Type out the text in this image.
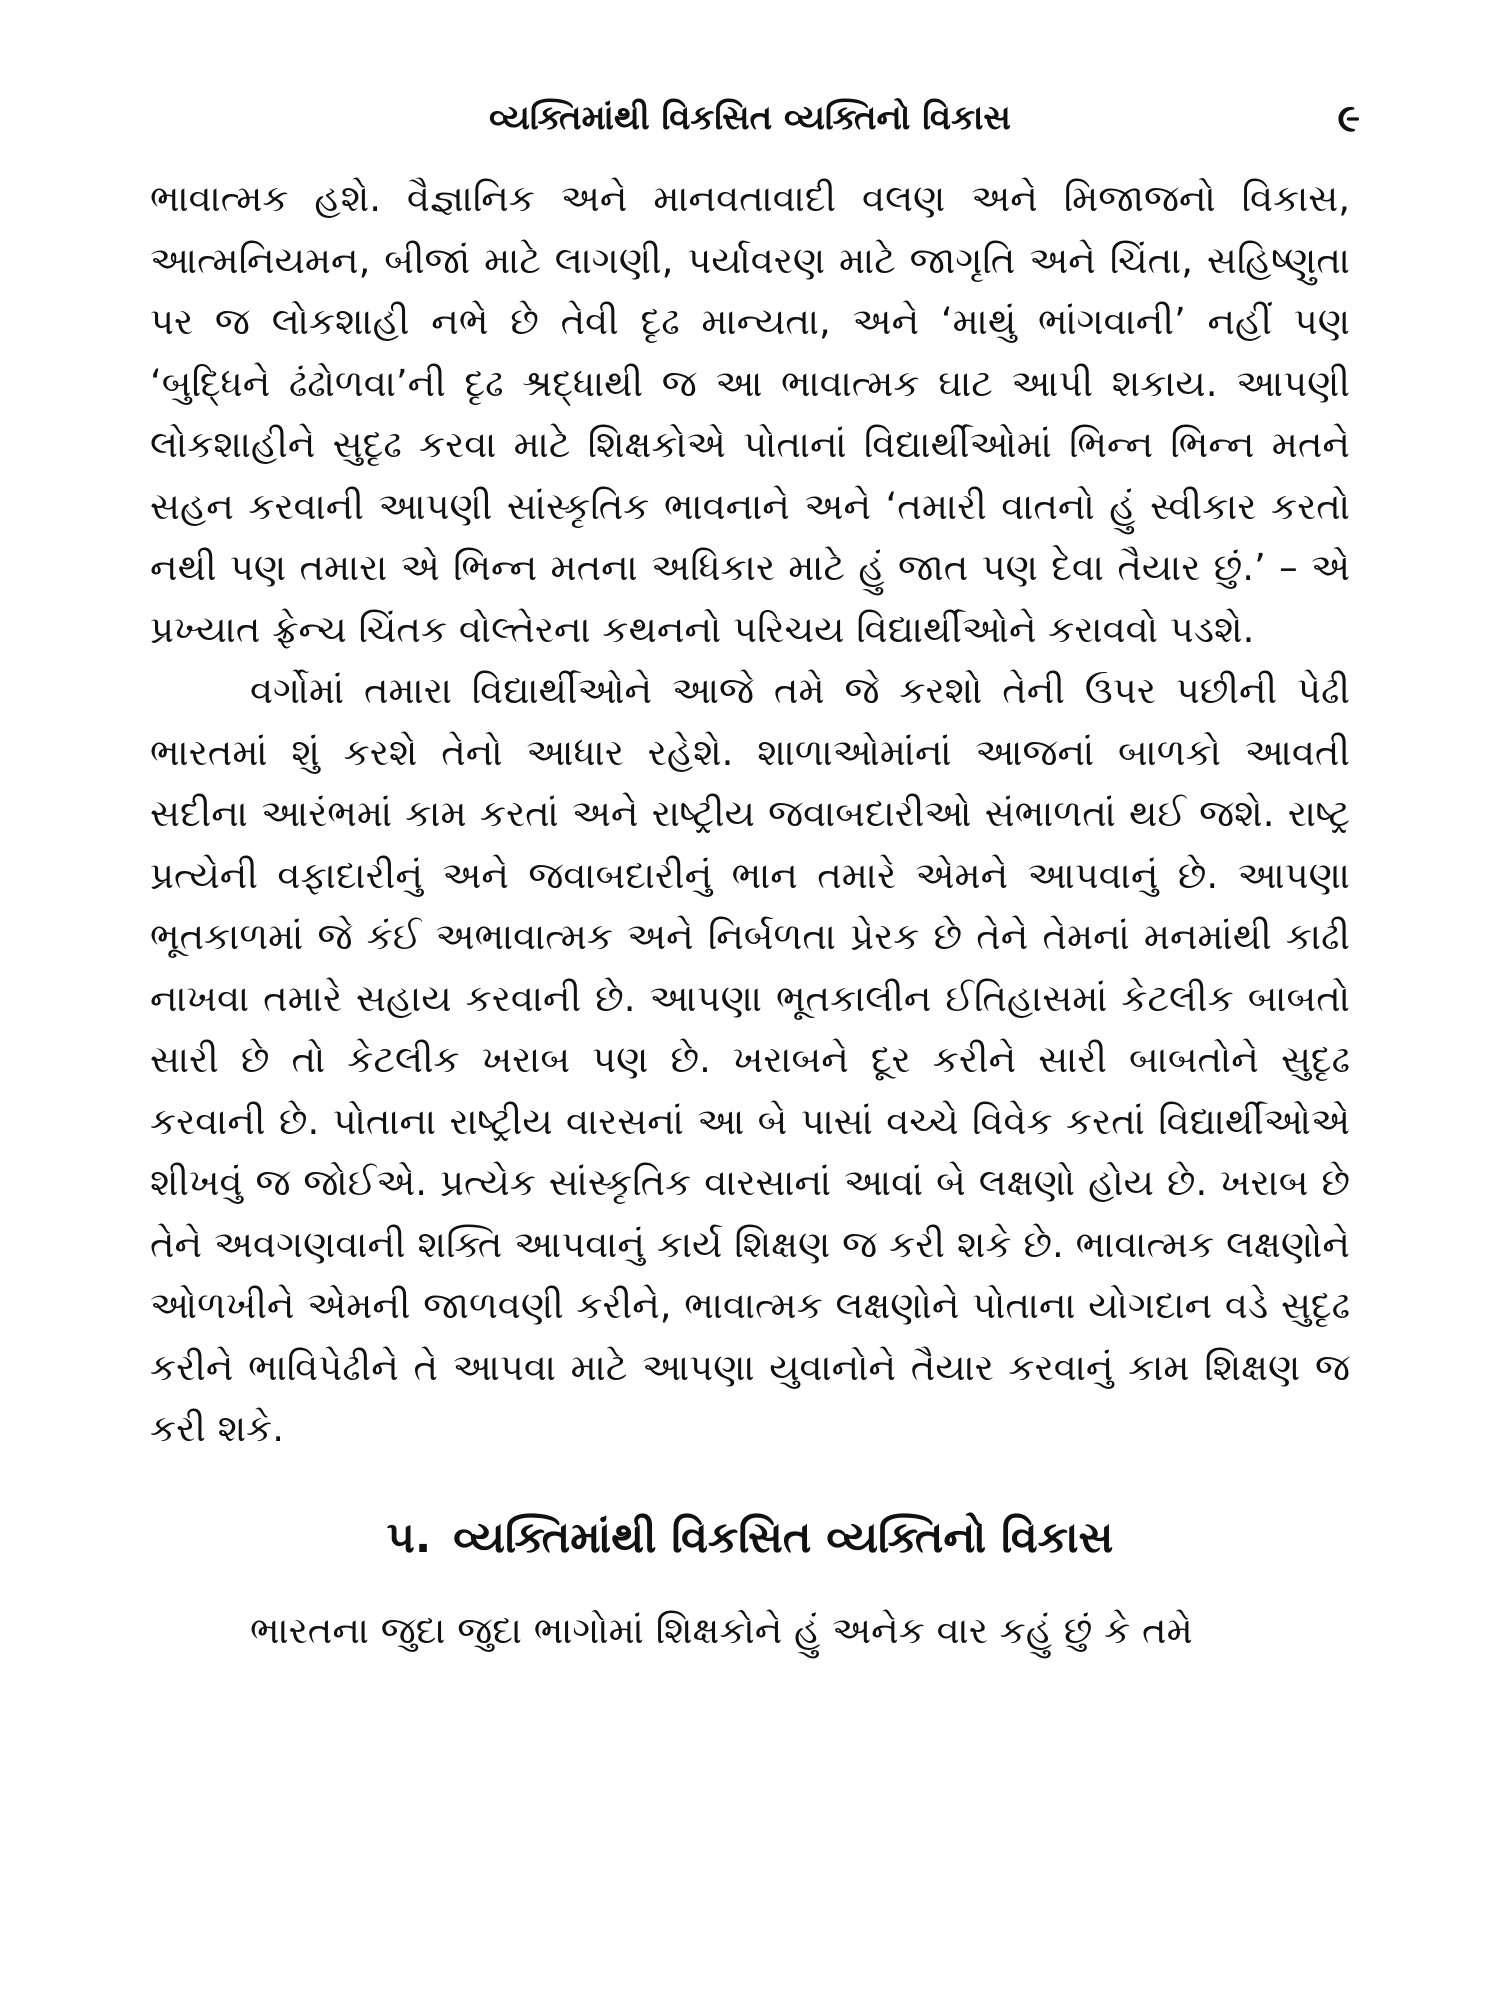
વ્યક્તિમાંથી વિકસિત વ્યક્તિનો વિકાસ	૯

ભાવાત્મક હશે. વૈજ્ઞાનિક અને માનવતાવાદી વલણ અને મિજાજનો વિકાસ, આત્મનિયમન, બીજાં માટે લાગણી, પર્યાવરણ માટે જાગૃતિ અને ચિંતા, સહિષ્ણુતા પર જ લોકશાહી નભે છે તેવી દૃઢ માન્યતા, અને ‘માથું ભાંગવાની’ નહીં પણ ‘બુદ્ધિને ઢંઢોળવા’ની દૃઢ શ્રદ્ધાથી જ આ ભાવાત્મક ઘાટ આપી શકાય. આપણી લોકશાહીને સુદૃઢ કરવા માટે શિક્ષકોએ પોતાનાં વિદ્યાર્થીઓમાં ભિન્ન ભિન્ન મતને સહન કરવાની આપણી સાંસ્કૃતિક ભાવનાને અને ‘તમારી વાતનો હું સ્વીકાર કરતો નથી પણ તમારા એ ભિન્ન મતના અધિકાર માટે હું જાત પણ દેવા તૈયાર છું.’ – એ પ્રખ્યાત ફ્રેન્ચ ચિંતક વોલ્તેરના કથનનો પરિચય વિદ્યાર્થીઓને કરાવવો પડશે.

વર્ગોમાં તમારા વિદ્યાર્થીઓને આજે તમે જે કરશો તેની ઉપર પછીની પેઢી ભારતમાં શું કરશે તેનો આધાર રહેશે. શાળાઓમાંનાં આજનાં બાળકો આવતી સદીના આરંભમાં કામ કરતાં અને રાષ્ટ્રીય જવાબદારીઓ સંભાળતાં થઈ જશે. રાષ્ટ્ર પ્રત્યેની વફાદારીનું અને જવાબદારીનું ભાન તમારે એમને આપવાનું છે. આપણા ભૂતકાળમાં જે કંઈ અભાવાત્મક અને નિર્બળતા પ્રેરક છે તેને તેમનાં મનમાંથી કાઢી નાખવા તમારે સહાય કરવાની છે. આપણા ભૂતકાલીન ઈતિહાસમાં કેટલીક બાબતો સારી છે તો કેટલીક ખરાબ પણ છે. ખરાબને દૂર કરીને સારી બાબતોને સુદૃઢ કરવાની છે. પોતાના રાષ્ટ્રીય વારસનાં આ બે પાસાં વચ્ચે વિવેક કરતાં વિદ્યાર્થીઓએ શીખવું જ જોઈએ. પ્રત્યેક સાંસ્કૃતિક વારસાનાં આવાં બે લક્ષણો હોય છે. ખરાબ છે તેને અવગણવાની શક્તિ આપવાનું કાર્ય શિક્ષણ જ કરી શકે છે. ભાવાત્મક લક્ષણોને ઓળખીને એમની જાળવણી કરીને, ભાવાત્મક લક્ષણોને પોતાના યોગદાન વડે સુદૃઢ કરીને ભાવિપેઢીને તે આપવા માટે આપણા યુવાનોને તૈયાર કરવાનું કામ શિક્ષણ જ કરી શકે.

૫. વ્યક્તિમાંથી વિકસિત વ્યક્તિનો વિકાસ

ભારતના જુદા જુદા ભાગોમાં શિક્ષકોને હું અનેક વાર કહું છું કે તમે
